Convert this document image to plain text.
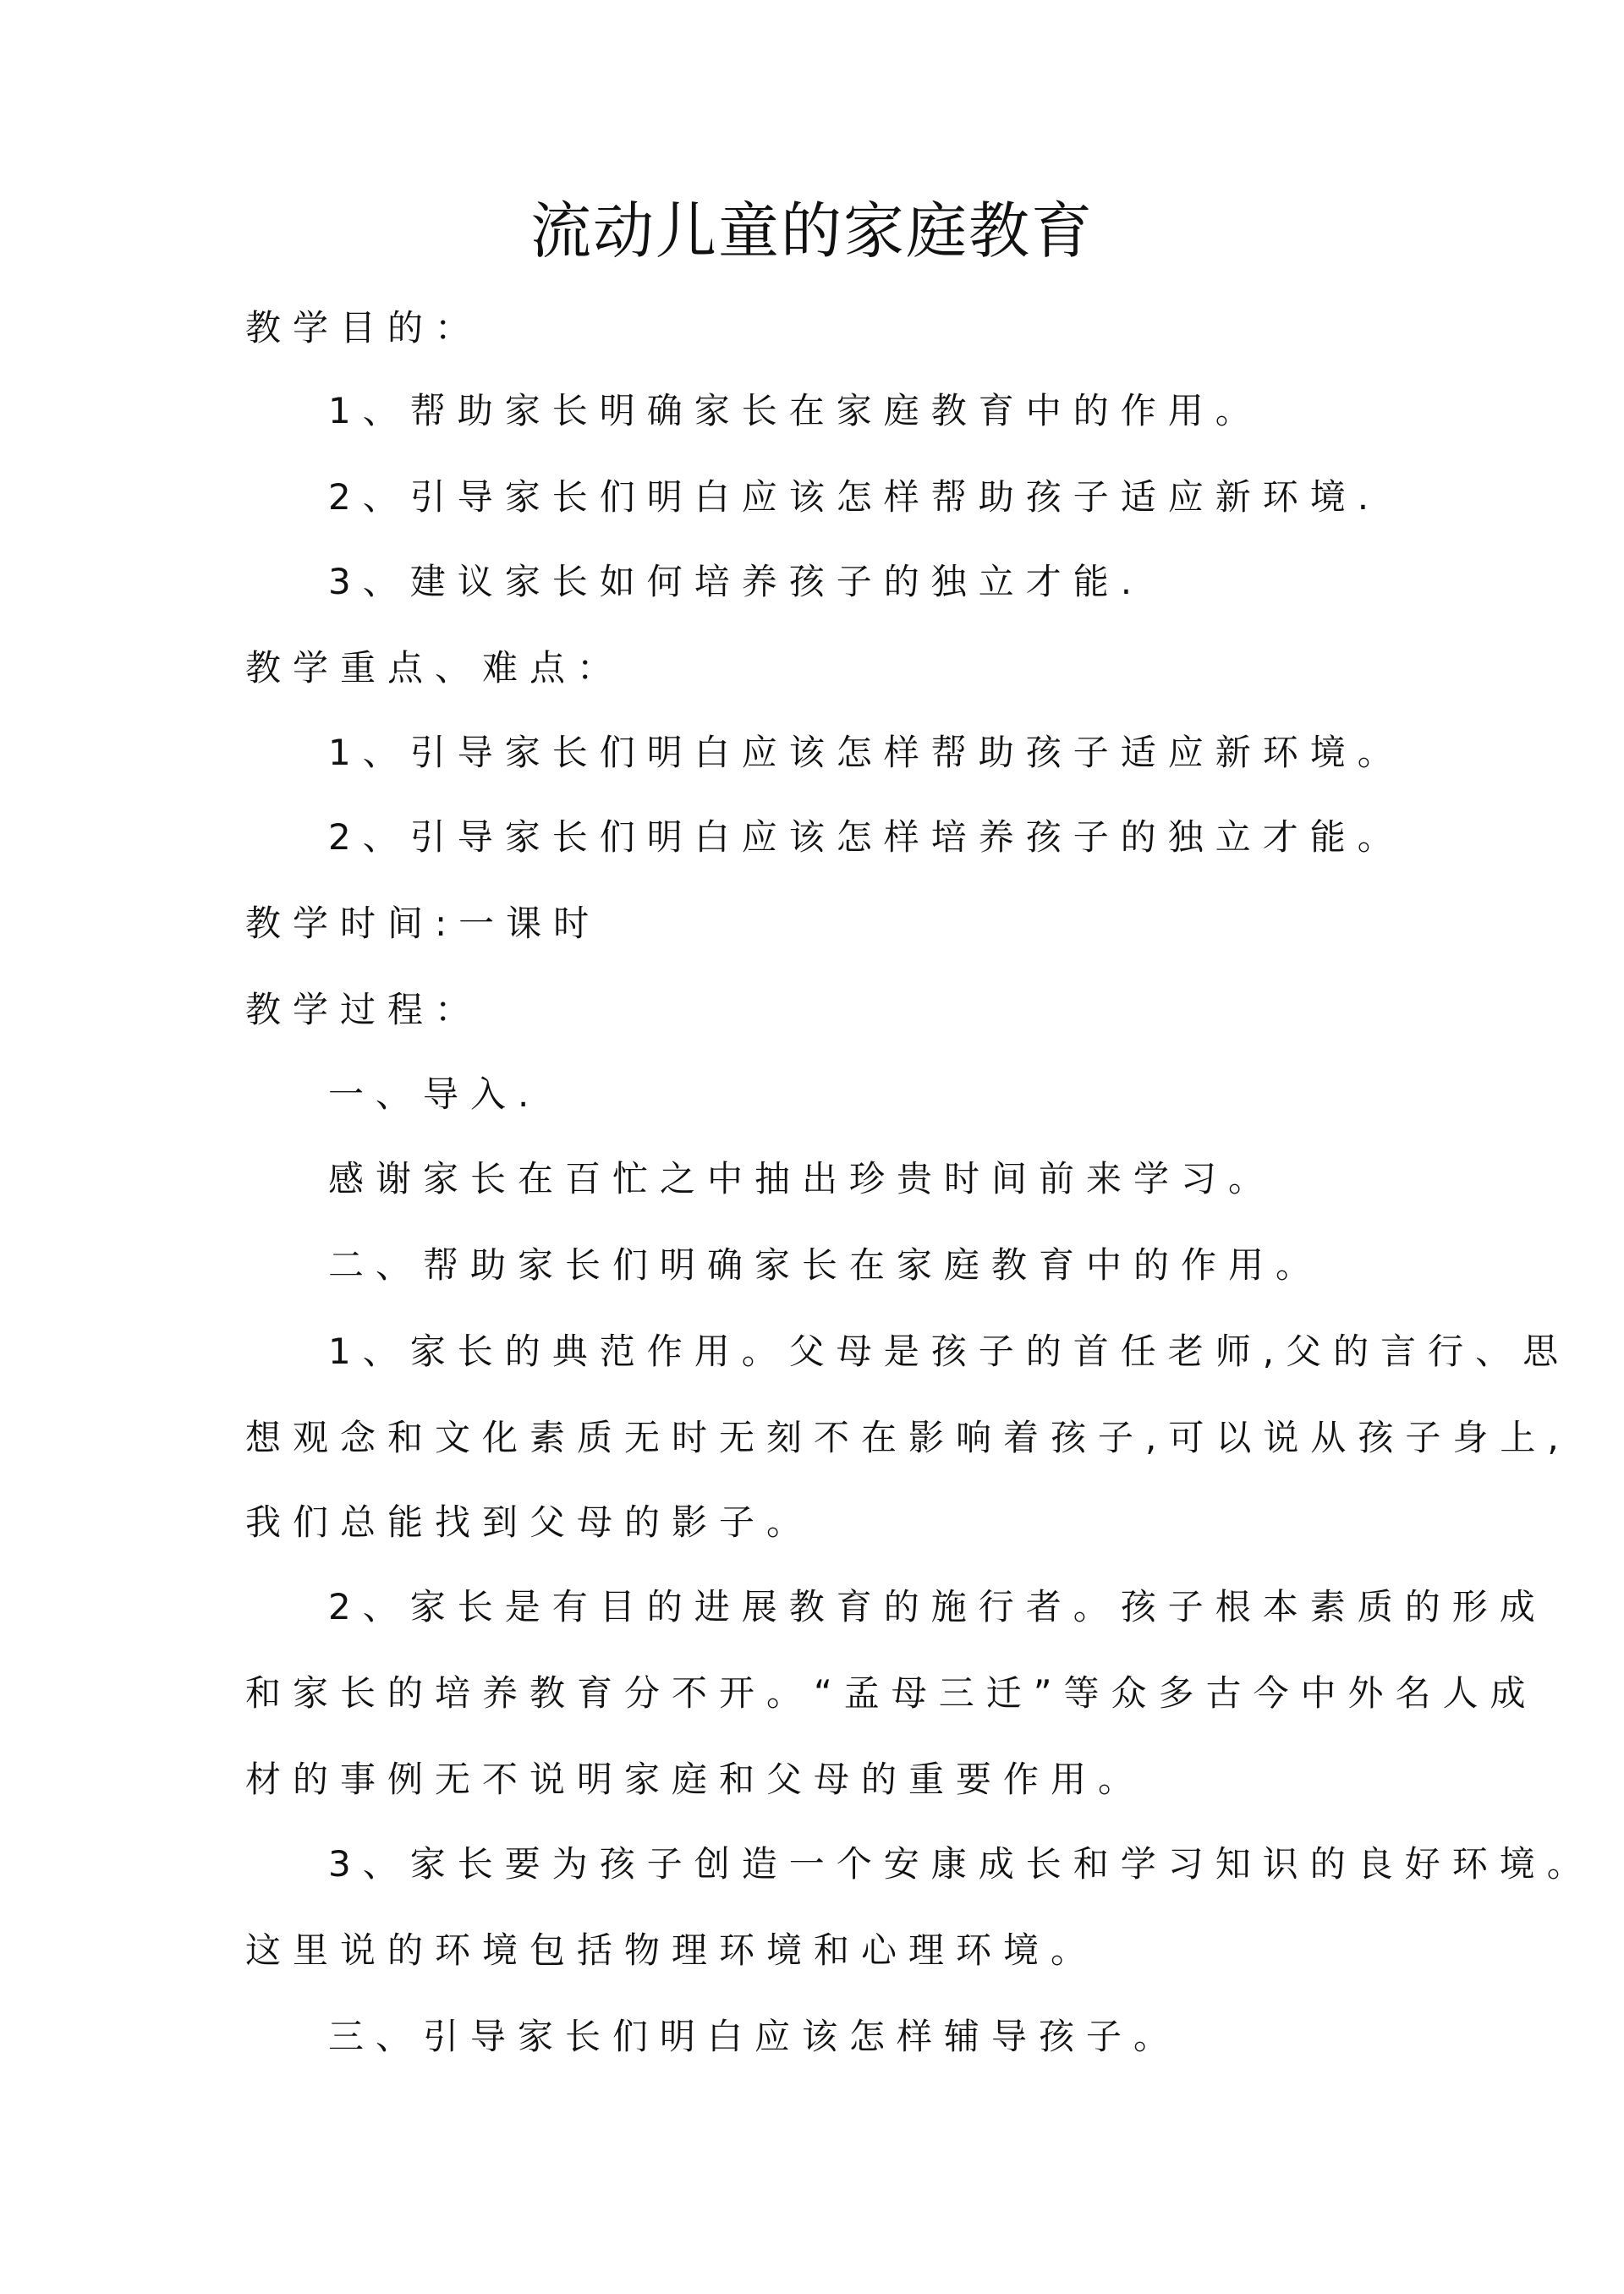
流动儿童的家庭教育
教学目的：
1、帮助家长明确家长在家庭教育中的作用。
2、引导家长们明白应该怎样帮助孩子适应新环境.
3、建议家长如何培养孩子的独立才能.
教学重点、难点：
1、引导家长们明白应该怎样帮助孩子适应新环境。
2、引导家长们明白应该怎样培养孩子的独立才能。
教学时间:一课时
教学过程：
一、导入.
感谢家长在百忙之中抽出珍贵时间前来学习。
二、帮助家长们明确家长在家庭教育中的作用。
1、家长的典范作用。父母是孩子的首任老师,父的言行、思
想观念和文化素质无时无刻不在影响着孩子,可以说从孩子身上,
我们总能找到父母的影子。
2、家长是有目的进展教育的施行者。孩子根本素质的形成
和家长的培养教育分不开。“孟母三迁”等众多古今中外名人成
材的事例无不说明家庭和父母的重要作用。
3、家长要为孩子创造一个安康成长和学习知识的良好环境。
这里说的环境包括物理环境和心理环境。
三、引导家长们明白应该怎样辅导孩子。
